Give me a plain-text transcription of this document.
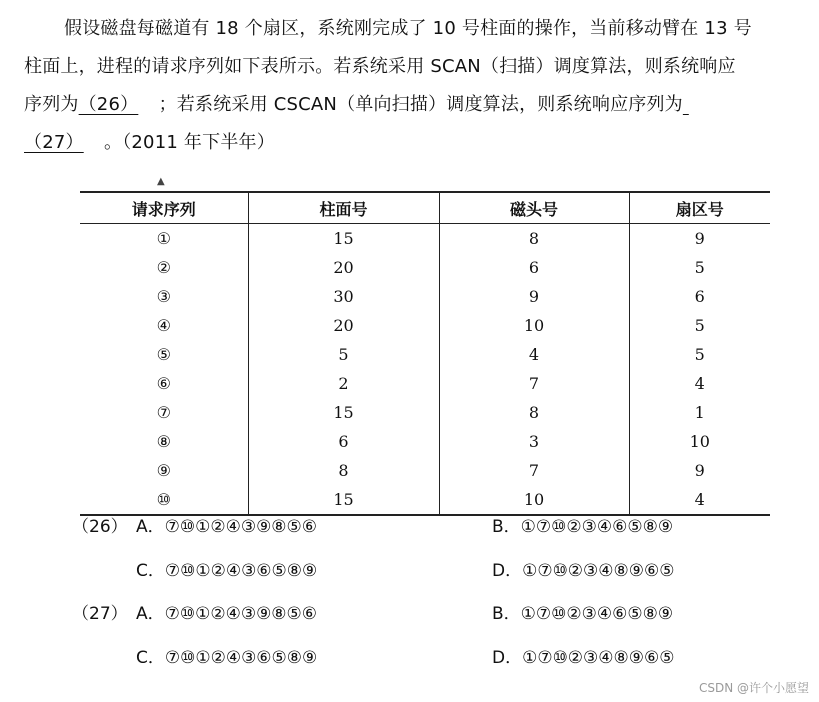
假设磁盘每磁道有 18 个扇区，系统刚完成了 10 号柱面的操作，当前移动臂在 13 号
柱面上，进程的请求序列如下表所示。若系统采用 SCAN（扫描）调度算法，则系统响应
序列为（26） ；若系统采用 CSCAN（单向扫描）调度算法，则系统响应序列为
（27） 。（2011 年下半年）
▲
请求序列	柱面号	磁头号	扇区号
①	15	8	9
②	20	6	5
③	30	9	6
④	20	10	5
⑤	5	4	5
⑥	2	7	4
⑦	15	8	1
⑧	6	3	10
⑨	8	7	9
⑩	15	10	4
（26） A．⑦⑩①②④③⑨⑧⑤⑥	B．①⑦⑩②③④⑥⑤⑧⑨
C．⑦⑩①②④③⑥⑤⑧⑨	D．①⑦⑩②③④⑧⑨⑥⑤
（27） A．⑦⑩①②④③⑨⑧⑤⑥	B．①⑦⑩②③④⑥⑤⑧⑨
C．⑦⑩①②④③⑥⑤⑧⑨	D．①⑦⑩②③④⑧⑨⑥⑤
CSDN @许个小愿望
